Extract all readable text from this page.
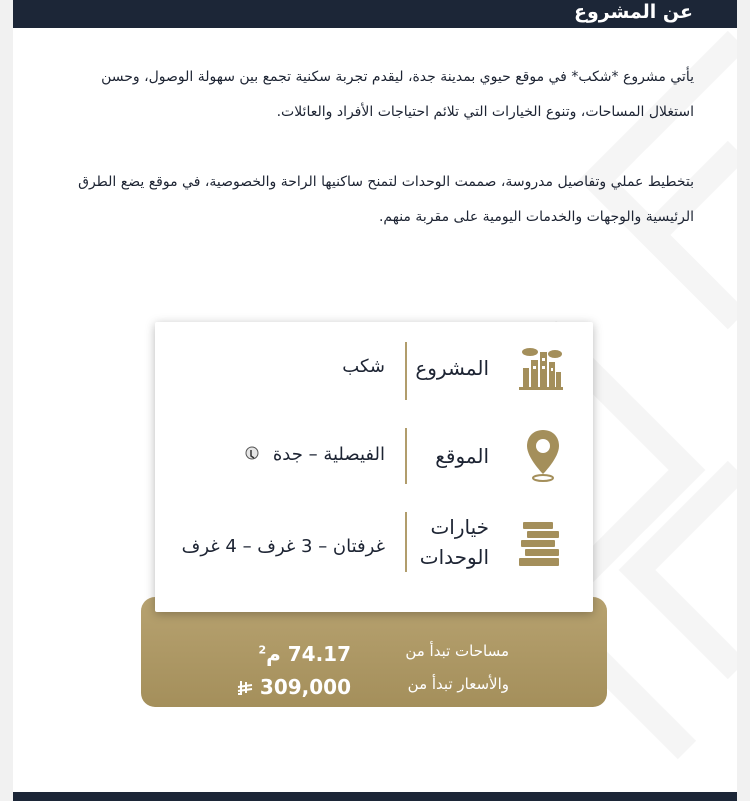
عن المشروع
يأتي مشروع *شكب* في موقع حيوي بمدينة جدة، ليقدم تجربة سكنية تجمع بين سهولة الوصول، وحسن استغلال المساحات، وتنوع الخيارات التي تلائم احتياجات الأفراد والعائلات.
بتخطيط عملي وتفاصيل مدروسة، صممت الوحدات لتمنح ساكنيها الراحة والخصوصية، في موقع يضع الطرق الرئيسية والوجهات والخدمات اليومية على مقربة منهم.
مساحات تبدأ من
74.17 م$^2$
والأسعار تبدأ من
309,000
المشروع
شكب
الموقع
الفيصلية – جدة
خيارات
الوحدات
غرفتان – 3 غرف – 4 غرف
